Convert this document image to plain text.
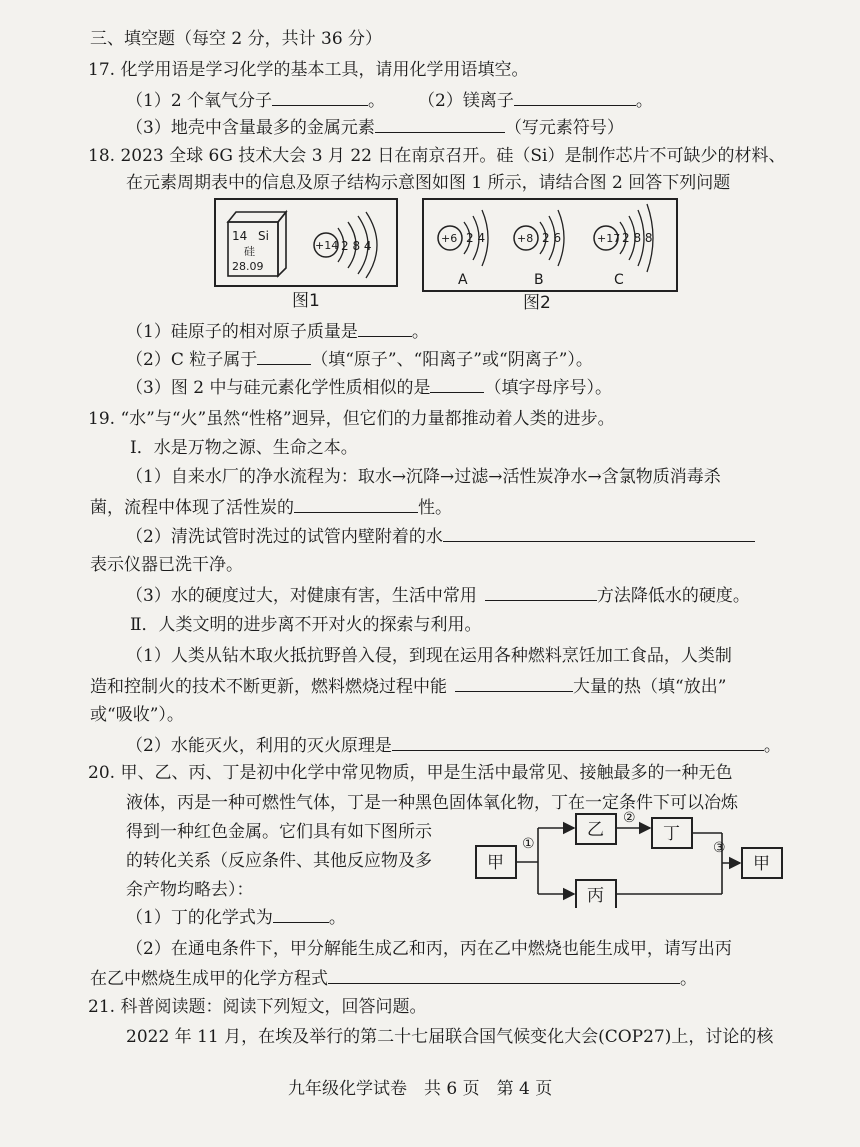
三、填空题（每空 2 分，共计 36 分）
17. 化学用语是学习化学的基本工具，请用化学用语填空。
（1）2 个氧气分子	。 （2）镁离子	。
（3）地壳中含量最多的金属元素	（写元素符号）
18. 2023 全球 6G 技术大会 3 月 22 日在南京召开。硅（Si）是制作芯片不可缺少的材料、
在元素周期表中的信息及原子结构示意图如图 1 所示，请结合图 2 回答下列问题
14 Si
硅
28.09
+14 2 8 4
图1
+6 2 4
A
+8 2 6
B
+17 2 8 8
C
图2
（1）硅原子的相对原子质量是	。
（2）C 粒子属于	（填“原子”、“阳离子”或“阴离子”）。
（3）图 2 中与硅元素化学性质相似的是	（填字母序号）。
19. “水”与“火”虽然“性格”迥异，但它们的力量都推动着人类的进步。
Ⅰ．水是万物之源、生命之本。
（1）自来水厂的净水流程为：取水→沉降→过滤→活性炭净水→含氯物质消毒杀
菌，流程中体现了活性炭的	性。
（2）清洗试管时洗过的试管内壁附着的水
表示仪器已洗干净。
（3）水的硬度过大，对健康有害，生活中常用	方法降低水的硬度。
Ⅱ．人类文明的进步离不开对火的探索与利用。
（1）人类从钻木取火抵抗野兽入侵，到现在运用各种燃料烹饪加工食品，人类制
造和控制火的技术不断更新，燃料燃烧过程中能	大量的热（填“放出”
或“吸收”）。
（2）水能灭火，利用的灭火原理是	。
20. 甲、乙、丙、丁是初中化学中常见物质，甲是生活中最常见、接触最多的一种无色
液体，丙是一种可燃性气体，丁是一种黑色固体氧化物，丁在一定条件下可以冶炼
得到一种红色金属。它们具有如下图所示
的转化关系（反应条件、其他反应物及多
余产物均略去）：
甲
①
乙
②
丁
丙
③
甲
（1）丁的化学式为	。
（2）在通电条件下，甲分解能生成乙和丙，丙在乙中燃烧也能生成甲，请写出丙
在乙中燃烧生成甲的化学方程式	。
21. 科普阅读题：阅读下列短文，回答问题。
2022 年 11 月，在埃及举行的第二十七届联合国气候变化大会(COP27)上，讨论的核
九年级化学试卷　共 6 页　第 4 页
